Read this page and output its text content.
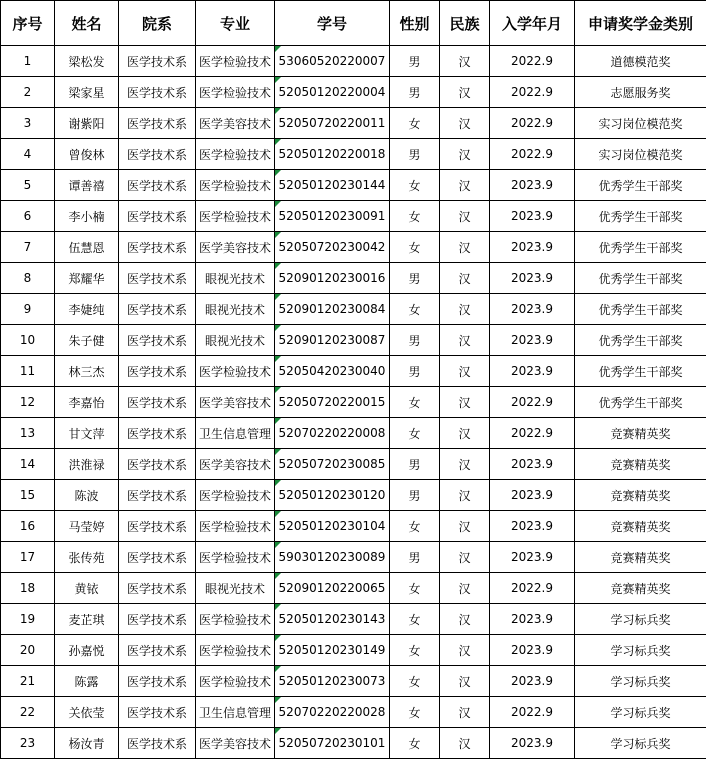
序号	姓名	院系	专业	学号	性别	民族	入学年月	申请奖学金类别
1	梁松发	医学技术系	医学检验技术	53060520220007	男	汉	2022.9	道德模范奖
2	梁家星	医学技术系	医学检验技术	52050120220004	男	汉	2022.9	志愿服务奖
3	谢紫阳	医学技术系	医学美容技术	52050720220011	女	汉	2022.9	实习岗位模范奖
4	曾俊林	医学技术系	医学检验技术	52050120220018	男	汉	2022.9	实习岗位模范奖
5	谭善禧	医学技术系	医学检验技术	52050120230144	女	汉	2023.9	优秀学生干部奖
6	李小楠	医学技术系	医学检验技术	52050120230091	女	汉	2023.9	优秀学生干部奖
7	伍慧恩	医学技术系	医学美容技术	52050720230042	女	汉	2023.9	优秀学生干部奖
8	郑耀华	医学技术系	眼视光技术	52090120230016	男	汉	2023.9	优秀学生干部奖
9	李婕纯	医学技术系	眼视光技术	52090120230084	女	汉	2023.9	优秀学生干部奖
10	朱子健	医学技术系	眼视光技术	52090120230087	男	汉	2023.9	优秀学生干部奖
11	林三杰	医学技术系	医学检验技术	52050420230040	男	汉	2023.9	优秀学生干部奖
12	李嘉怡	医学技术系	医学美容技术	52050720220015	女	汉	2022.9	优秀学生干部奖
13	甘文萍	医学技术系	卫生信息管理	52070220220008	女	汉	2022.9	竞赛精英奖
14	洪淮禄	医学技术系	医学美容技术	52050720230085	男	汉	2023.9	竞赛精英奖
15	陈波	医学技术系	医学检验技术	52050120230120	男	汉	2023.9	竞赛精英奖
16	马莹婷	医学技术系	医学检验技术	52050120230104	女	汉	2023.9	竞赛精英奖
17	张传苑	医学技术系	医学检验技术	59030120230089	男	汉	2023.9	竞赛精英奖
18	黄铱	医学技术系	眼视光技术	52090120220065	女	汉	2022.9	竞赛精英奖
19	麦芷琪	医学技术系	医学检验技术	52050120230143	女	汉	2023.9	学习标兵奖
20	孙嘉悦	医学技术系	医学检验技术	52050120230149	女	汉	2023.9	学习标兵奖
21	陈露	医学技术系	医学检验技术	52050120230073	女	汉	2023.9	学习标兵奖
22	关依莹	医学技术系	卫生信息管理	52070220220028	女	汉	2022.9	学习标兵奖
23	杨汝青	医学技术系	医学美容技术	52050720230101	女	汉	2023.9	学习标兵奖
